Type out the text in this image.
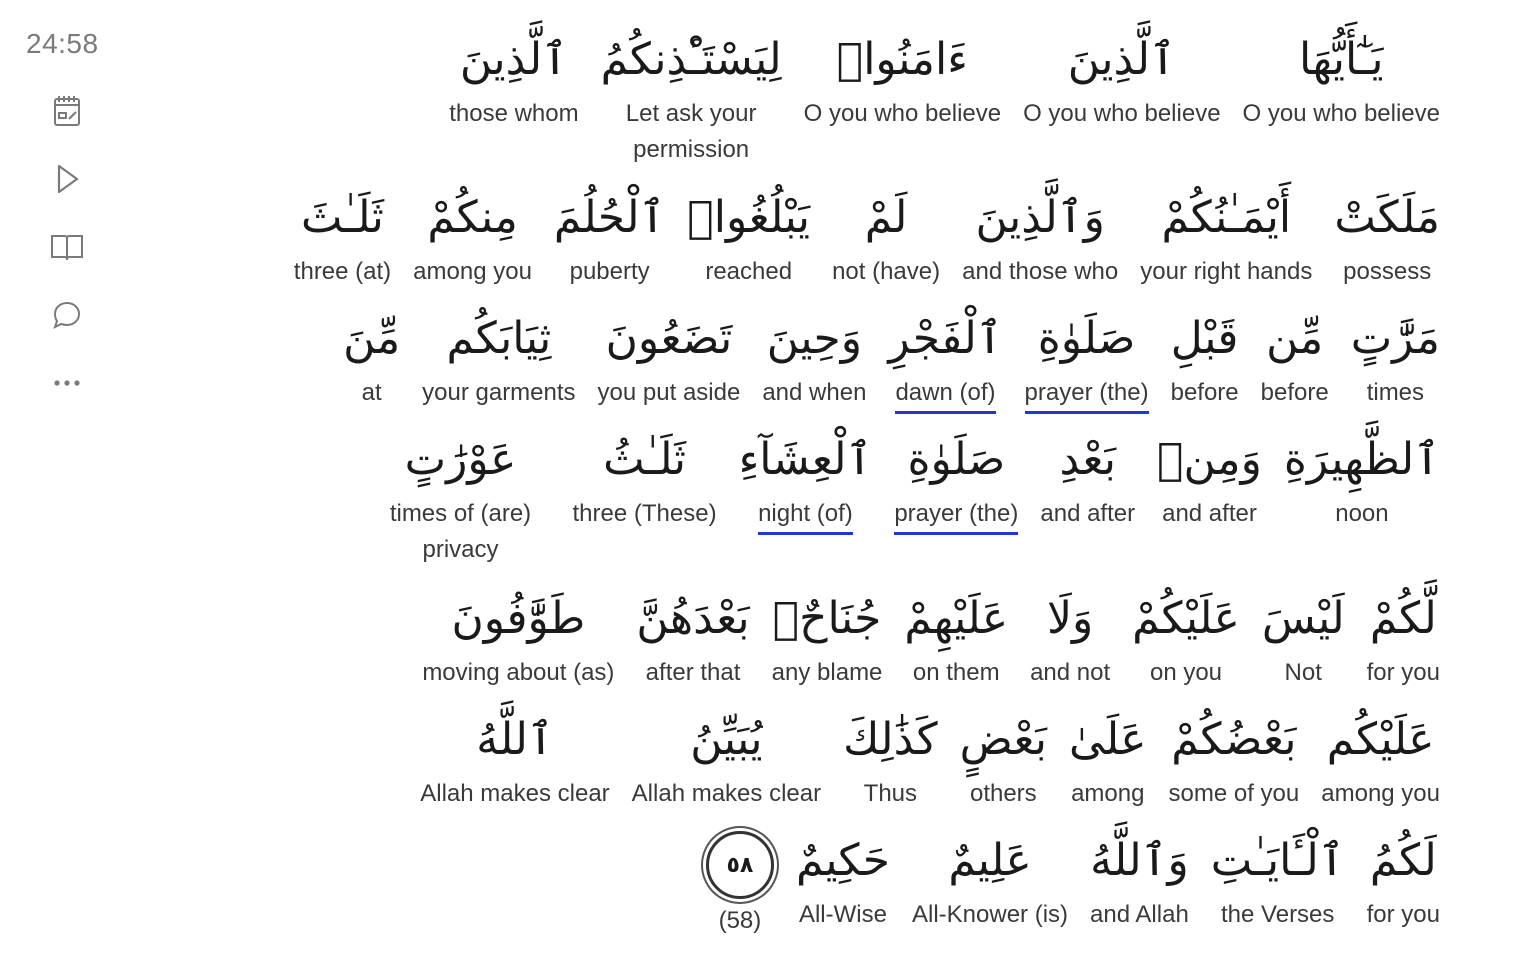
24:58	يَـٰٓأَيُّهَا
O you who believe
ٱلَّذِينَ
O you who believe
ءَامَنُوا۟
O you who believe
لِيَسْتَـْٔذِنكُمُ
Let ask your permission
ٱلَّذِينَ
those whom
مَلَكَتْ
possess
أَيْمَـٰنُكُمْ
your right hands
وَٱلَّذِينَ
and those who
لَمْ
not (have)
يَبْلُغُوا۟
reached
ٱلْحُلُمَ
puberty
مِنكُمْ
among you
ثَلَـٰثَ
three (at)
مَرَّٰتٍ
times
مِّن
before
قَبْلِ
before
صَلَوٰةِ
prayer (the)
ٱلْفَجْرِ
dawn (of)
وَحِينَ
and when
تَضَعُونَ
you put aside
ثِيَابَكُم
your garments
مِّنَ
at
ٱلظَّهِيرَةِ
noon
وَمِنۢ
and after
بَعْدِ
and after
صَلَوٰةِ
prayer (the)
ٱلْعِشَآءِ
night (of)
ثَلَـٰثُ
three (These)
عَوْرَٰتٍ
times of (are) privacy
لَّكُمْ
for you
لَيْسَ
Not
عَلَيْكُمْ
on you
وَلَا
and not
عَلَيْهِمْ
on them
جُنَاحٌۢ
any blame
بَعْدَهُنَّ
after that
طَوَّٰفُونَ
moving about (as)
عَلَيْكُم
among you
بَعْضُكُمْ
some of you
عَلَىٰ
among
بَعْضٍ
others
كَذَٰلِكَ
Thus
يُبَيِّنُ
Allah makes clear
ٱللَّهُ
Allah makes clear
لَكُمُ
for you
ٱلْـَٔايَـٰتِ
the Verses
وَٱللَّهُ
and Allah
عَلِيمٌ
All-Knower (is)
حَكِيمٌ
All-Wise
٥٨
(58)
